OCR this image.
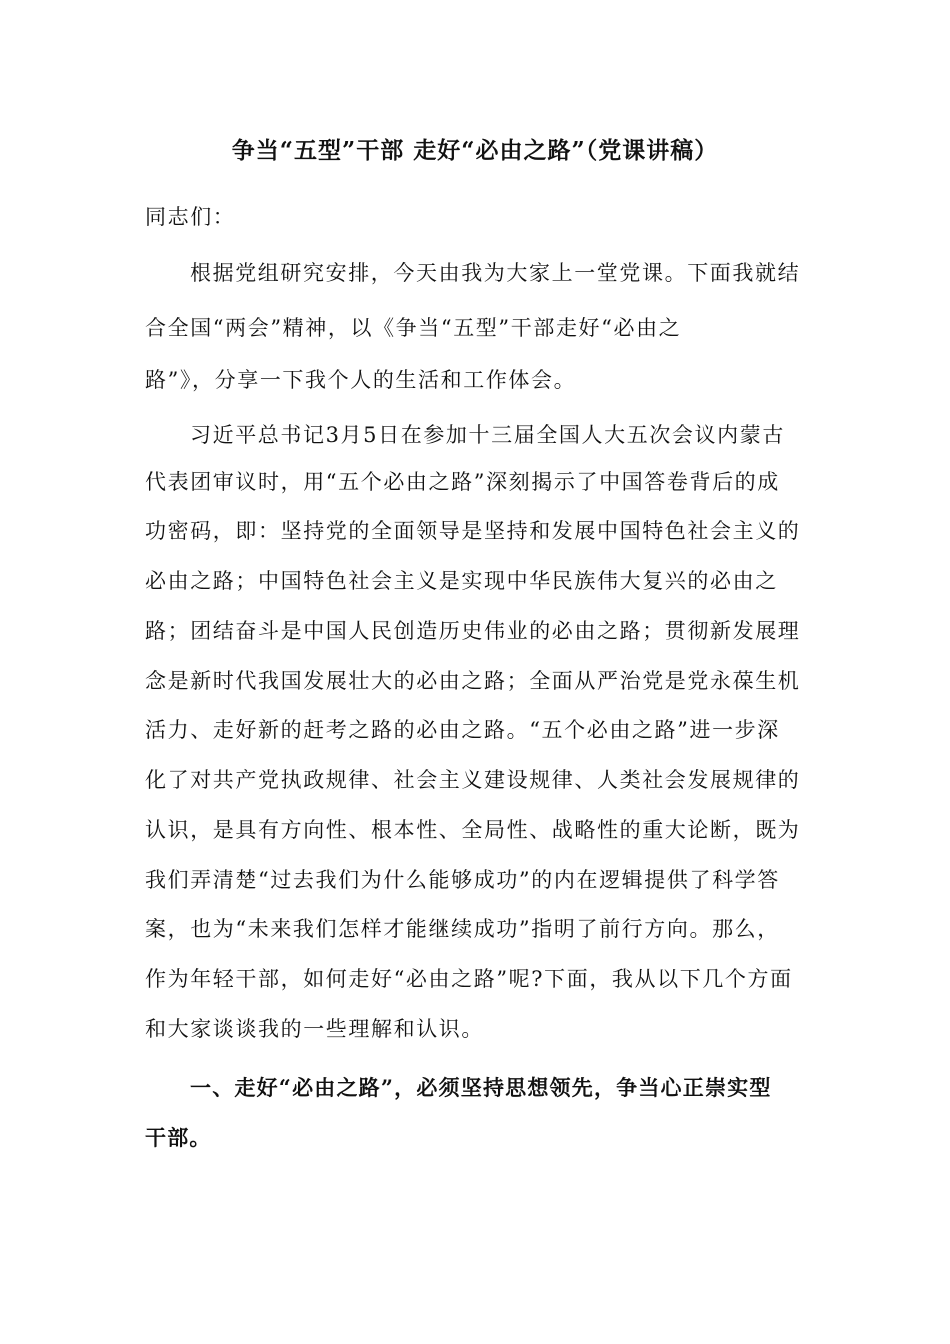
争当“五型”干部 走好“必由之路”（党课讲稿）
同志们：
根据党组研究安排，今天由我为大家上一堂党课。下面我就结
合全国“两会”精神，以《争当“五型”干部走好“必由之
路”》，分享一下我个人的生活和工作体会。
习近平总书记3月5日在参加十三届全国人大五次会议内蒙古
代表团审议时，用“五个必由之路”深刻揭示了中国答卷背后的成
功密码，即：坚持党的全面领导是坚持和发展中国特色社会主义的
必由之路；中国特色社会主义是实现中华民族伟大复兴的必由之
路；团结奋斗是中国人民创造历史伟业的必由之路；贯彻新发展理
念是新时代我国发展壮大的必由之路；全面从严治党是党永葆生机
活力、走好新的赶考之路的必由之路。“五个必由之路”进一步深
化了对共产党执政规律、社会主义建设规律、人类社会发展规律的
认识，是具有方向性、根本性、全局性、战略性的重大论断，既为
我们弄清楚“过去我们为什么能够成功”的内在逻辑提供了科学答
案，也为“未来我们怎样才能继续成功”指明了前行方向。那么，
作为年轻干部，如何走好“必由之路”呢?下面，我从以下几个方面
和大家谈谈我的一些理解和认识。
一、走好“必由之路”，必须坚持思想领先，争当心正崇实型
干部。
